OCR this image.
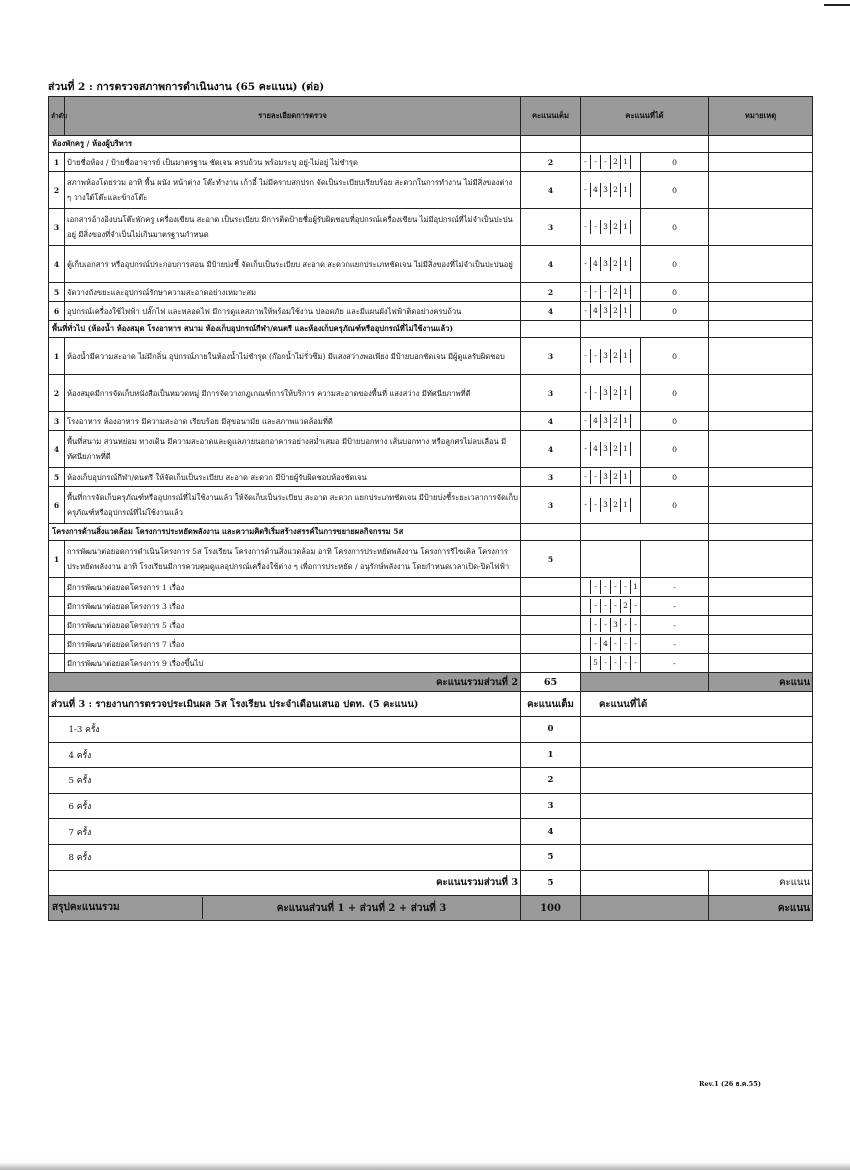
ส่วนที่ 2 : การตรวจสภาพการดำเนินงาน (65 คะแนน) (ต่อ)
ลำดับ	รายละเอียดการตรวจ	คะแนนเต็ม	คะแนนที่ได้		หมายเหตุ
ห้องพักครู / ห้องผู้บริหาร					
1	ป้ายชื่อห้อง / ป้ายชื่ออาจารย์ เป็นมาตรฐาน ชัดเจน ครบถ้วน พร้อมระบุ อยู่-ไม่อยู่ ไม่ชำรุด	2	- - - 2 1	0	
2	สภาพห้องโดยรวม อาทิ พื้น ผนัง หน้าต่าง โต๊ะทำงาน เก้าอี้ ไม่มีคราบสกปรก จัดเป็นระเบียบเรียบร้อย สะดวกในการทำงาน ไม่มีสิ่งของต่าง ๆ วางใต้โต๊ะและข้างโต๊ะ	4	- 4 3 2 1	0	
3	เอกสารอ้างอิงบนโต๊ะพักครู เครื่องเขียน สะอาด เป็นระเบียบ มีการติดป้ายชื่อผู้รับผิดชอบที่อุปกรณ์เครื่องเขียน ไม่มีอุปกรณ์ที่ไม่จำเป็นปะปนอยู่ มีสิ่งของที่จำเป็นไม่เกินมาตรฐานกำหนด	3	- - 3 2 1	0	
4	ตู้เก็บเอกสาร หรืออุปกรณ์ประกอบการสอน มีป้ายบ่งชี้ จัดเก็บเป็นระเบียบ สะอาด สะดวกแยกประเภทชัดเจน ไม่มีสิ่งของที่ไม่จำเป็นปะปนอยู่	4	- 4 3 2 1	0	
5	จัดวางถังขยะและอุปกรณ์รักษาความสะอาดอย่างเหมาะสม	2	- - - 2 1	0	
6	อุปกรณ์เครื่องใช้ไฟฟ้า ปลั๊กไฟ และหลอดไฟ มีการดูแลสภาพให้พร้อมใช้งาน ปลอดภัย และมีแผนผังไฟฟ้าติดอย่างครบถ้วน	4	- 4 3 2 1	0	
พื้นที่ทั่วไป (ห้องน้ำ ห้องสมุด โรงอาหาร สนาม ห้องเก็บอุปกรณ์กีฬา/ดนตรี และห้องเก็บครุภัณฑ์หรืออุปกรณ์ที่ไม่ใช้งานแล้ว)					
1	ห้องน้ำมีความสะอาด ไม่มีกลิ่น อุปกรณ์ภายในห้องน้ำไม่ชำรุด (ก๊อกน้ำไม่รั่วซึม) มีแสงสว่างพอเพียง มีป้ายบอกชัดเจน มีผู้ดูแลรับผิดชอบ	3	- - 3 2 1	0	
2	ห้องสมุดมีการจัดเก็บหนังสือเป็นหมวดหมู่ มีการจัดวางกฎเกณฑ์การให้บริการ ความสะอาดของพื้นที่ แสงสว่าง มีทัศนียภาพที่ดี	3	- - 3 2 1	0	
3	โรงอาหาร ห้องอาหาร มีความสะอาด เรียบร้อย มีสุขอนามัย และสภาพแวดล้อมที่ดี	4	- 4 3 2 1	0	
4	พื้นที่สนาม สวนหย่อม ทางเดิน มีความสะอาดและดูแลภายนอกอาคารอย่างสม่ำเสมอ มีป้ายบอกทาง เส้นบอกทาง หรือลูกศรไม่ลบเลือน มีทัศนียภาพที่ดี	4	- 4 3 2 1	0	
5	ห้องเก็บอุปกรณ์กีฬา/ดนตรี ให้จัดเก็บเป็นระเบียบ สะอาด สะดวก มีป้ายผู้รับผิดชอบห้องชัดเจน	3	- - 3 2 1	0	
6	พื้นที่การจัดเก็บครุภัณฑ์หรืออุปกรณ์ที่ไม่ใช้งานแล้ว ให้จัดเก็บเป็นระเบียบ สะอาด สะดวก แยกประเภทชัดเจน มีป้ายบ่งชี้ระยะเวลาการจัดเก็บครุภัณฑ์หรืออุปกรณ์ที่ไม่ใช้งานแล้ว	3	- - 3 2 1	0	
โครงการด้านสิ่งแวดล้อม โครงการประหยัดพลังงาน และความคิดริเริ่มสร้างสรรค์ในการขยายผลกิจกรรม 5ส					
1	การพัฒนาต่อยอดการดำเนินโครงการ 5ส โรงเรียน โครงการด้านสิ่งแวดล้อม อาทิ โครงการประหยัดพลังงาน โครงการรีไซเคิล โครงการประหยัดพลังงาน อาทิ โรงเรียนมีการควบคุมดูแลอุปกรณ์เครื่องใช้ต่าง ๆ เพื่อการประหยัด / อนุรักษ์พลังงาน โดยกำหนดเวลาเปิด-ปิดไฟฟ้า	5			
	มีการพัฒนาต่อยอดโครงการ 1 เรื่อง		- - - - 1	-	
	มีการพัฒนาต่อยอดโครงการ 3 เรื่อง		- - - 2 -	-	
	มีการพัฒนาต่อยอดโครงการ 5 เรื่อง		- - 3 - -	-	
	มีการพัฒนาต่อยอดโครงการ 7 เรื่อง		- 4 - - -	-	
	มีการพัฒนาต่อยอดโครงการ 9 เรื่องขึ้นไป		5 - - - -	-	
คะแนนรวมส่วนที่ 2		65			คะแนน
ส่วนที่ 3 : รายงานการตรวจประเมินผล 5ส โรงเรียน ประจำเดือนเสนอ ปตท. (5 คะแนน)		คะแนนเต็ม	คะแนนที่ได้		
	1-3 ครั้ง	0			
	4 ครั้ง	1			
	5 ครั้ง	2			
	6 ครั้ง	3			
	7 ครั้ง	4			
	8 ครั้ง	5			
คะแนนรวมส่วนที่ 3		5			คะแนน

สรุปคะแนนรวม คะแนนส่วนที่ 1 + ส่วนที่ 2 + ส่วนที่ 3		100			คะแนน
Rev.1 (26 ธ.ค.55)
